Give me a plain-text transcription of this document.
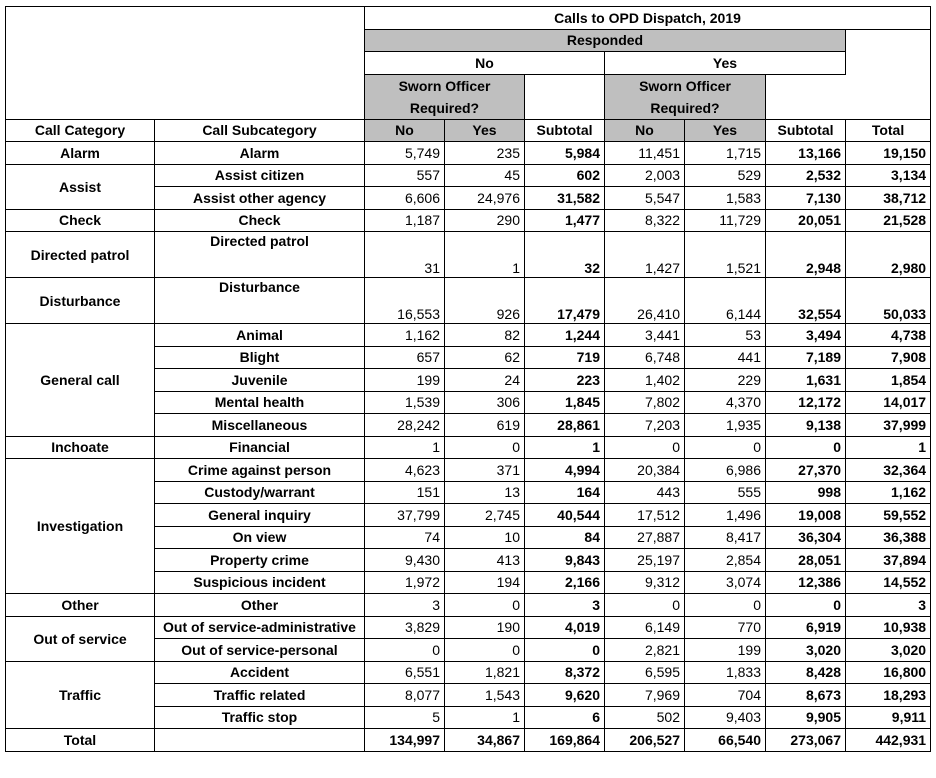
		Calls to OPD Dispatch, 2019						
		Responded						
		No			Yes			
		Sworn Officer
Required?			Sworn Officer
Required?			

Call Category	Call Subcategory	No	Yes	Subtotal	No	Yes	Subtotal	Total
Alarm	Alarm	5,749	235	5,984	11,451	1,715	13,166	19,150
Assist	Assist citizen	557	45	602	2,003	529	2,532	3,134
	Assist other agency	6,606	24,976	31,582	5,547	1,583	7,130	38,712
Check	Check	1,187	290	1,477	8,322	11,729	20,051	21,528
Directed patrol	Directed patrol	31	1	32	1,427	1,521	2,948	2,980
Disturbance	Disturbance	16,553	926	17,479	26,410	6,144	32,554	50,033
General call	Animal	1,162	82	1,244	3,441	53	3,494	4,738
	Blight	657	62	719	6,748	441	7,189	7,908
	Juvenile	199	24	223	1,402	229	1,631	1,854
	Mental health	1,539	306	1,845	7,802	4,370	12,172	14,017
	Miscellaneous	28,242	619	28,861	7,203	1,935	9,138	37,999
Inchoate	Financial	1	0	1	0	0	0	1
Investigation	Crime against person	4,623	371	4,994	20,384	6,986	27,370	32,364
	Custody/warrant	151	13	164	443	555	998	1,162
	General inquiry	37,799	2,745	40,544	17,512	1,496	19,008	59,552
	On view	74	10	84	27,887	8,417	36,304	36,388
	Property crime	9,430	413	9,843	25,197	2,854	28,051	37,894
	Suspicious incident	1,972	194	2,166	9,312	3,074	12,386	14,552
Other	Other	3	0	3	0	0	0	3
Out of service	Out of service-administrative	3,829	190	4,019	6,149	770	6,919	10,938
	Out of service-personal	0	0	0	2,821	199	3,020	3,020
Traffic	Accident	6,551	1,821	8,372	6,595	1,833	8,428	16,800
	Traffic related	8,077	1,543	9,620	7,969	704	8,673	18,293
	Traffic stop	5	1	6	502	9,403	9,905	9,911
Total		134,997	34,867	169,864	206,527	66,540	273,067	442,931
